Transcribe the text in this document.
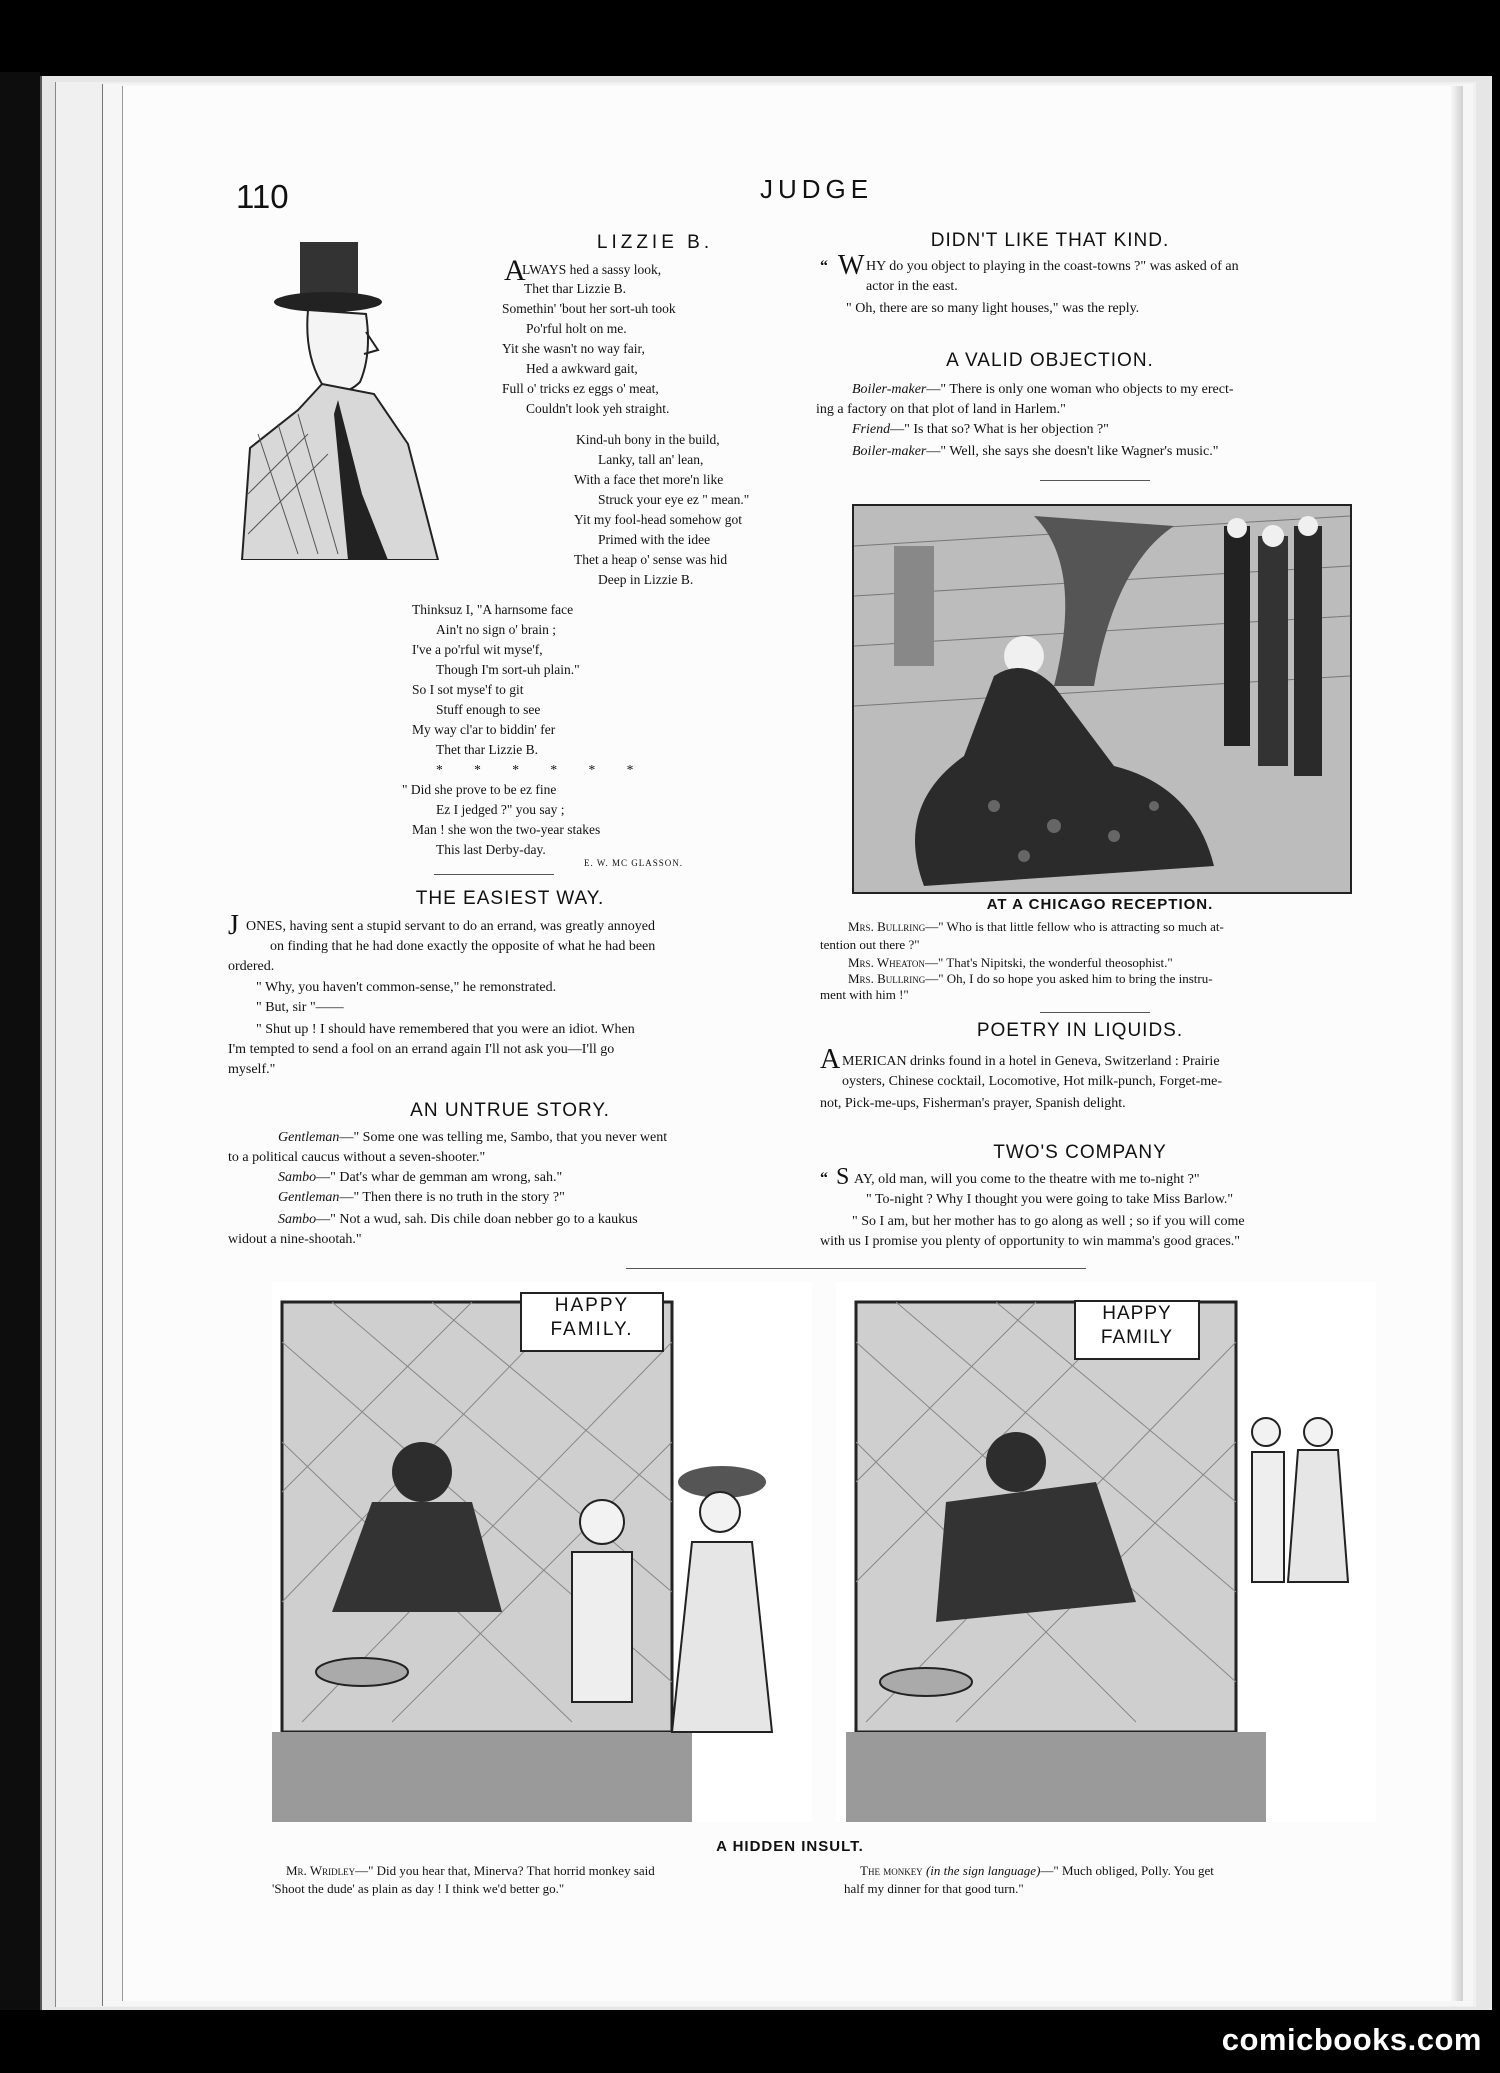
110	JUDGE
LIZZIE B.
A
LWAYS hed a sassy look,
Thet thar Lizzie B.
Somethin' 'bout her sort-uh took
Po'rful holt on me.
Yit she wasn't no way fair,
Hed a awkward gait,
Full o' tricks ez eggs o' meat,
Couldn't look yeh straight.
Kind-uh bony in the build,
Lanky, tall an' lean,
With a face thet more'n like
Struck your eye ez " mean."
Yit my fool-head somehow got
Primed with the idee
Thet a heap o' sense was hid
Deep in Lizzie B.
Thinksuz I, "A harnsome face
Ain't no sign o' brain ;
I've a po'rful wit myse'f,
Though I'm sort-uh plain."
So I sot myse'f to git
Stuff enough to see
My way cl'ar to biddin' fer
Thet thar Lizzie B.
* * * * * *
" Did she prove to be ez fine
Ez I jedged ?" you say ;
Man ! she won the two-year stakes
This last Derby-day.
E. W. MC GLASSON.
THE EASIEST WAY.
J ONES, having sent a stupid servant to do an errand, was greatly annoyed
on finding that he had done exactly the opposite of what he had been
ordered.
" Why, you haven't common-sense," he remonstrated.
" But, sir "——
" Shut up ! I should have remembered that you were an idiot. When
I'm tempted to send a fool on an errand again I'll not ask you—I'll go
myself."
AN UNTRUE STORY.
Gentleman—" Some one was telling me, Sambo, that you never went
to a political caucus without a seven-shooter."
Sambo—" Dat's whar de gemman am wrong, sah."
Gentleman—" Then there is no truth in the story ?"
Sambo—" Not a wud, sah. Dis chile doan nebber go to a kaukus
widout a nine-shootah."
DIDN'T LIKE THAT KIND.
“ W HY do you object to playing in the coast-towns ?" was asked of an
actor in the east.
" Oh, there are so many light houses," was the reply.
A VALID OBJECTION.
Boiler-maker—" There is only one woman who objects to my erect-
ing a factory on that plot of land in Harlem."
Friend—" Is that so? What is her objection ?"
Boiler-maker—" Well, she says she doesn't like Wagner's music."
AT A CHICAGO RECEPTION.
Mrs. Bullring—" Who is that little fellow who is attracting so much at-
tention out there ?"
Mrs. Wheaton—" That's Nipitski, the wonderful theosophist."
Mrs. Bullring—" Oh, I do so hope you asked him to bring the instru-
ment with him !"
POETRY IN LIQUIDS.
A MERICAN drinks found in a hotel in Geneva, Switzerland : Prairie
oysters, Chinese cocktail, Locomotive, Hot milk-punch, Forget-me-
not, Pick-me-ups, Fisherman's prayer, Spanish delight.
TWO'S COMPANY
“ S AY, old man, will you come to the theatre with me to-night ?"
" To-night ? Why I thought you were going to take Miss Barlow."
" So I am, but her mother has to go along as well ; so if you will come
with us I promise you plenty of opportunity to win mamma's good graces."
HAPPY
FAMILY.
HAPPY
FAMILY
A HIDDEN INSULT.
Mr. Wridley—" Did you hear that, Minerva? That horrid monkey said
'Shoot the dude' as plain as day ! I think we'd better go."
The monkey (in the sign language)—" Much obliged, Polly. You get
half my dinner for that good turn."
comicbooks.com
